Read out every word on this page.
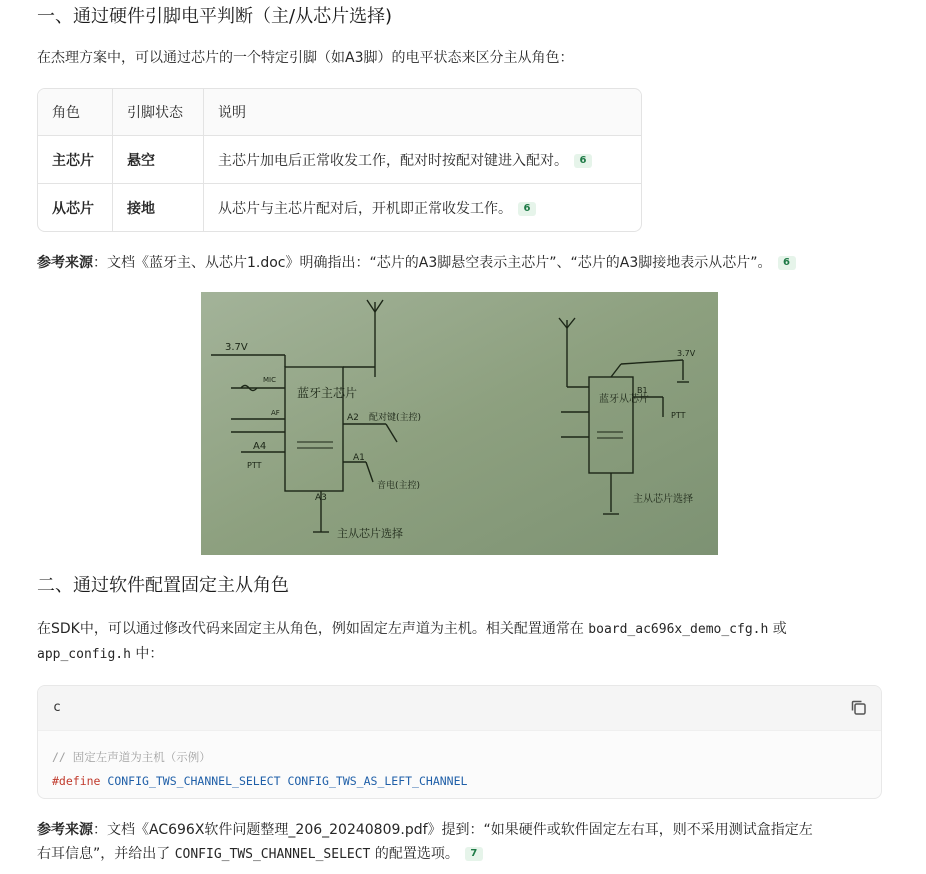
一、通过硬件引脚电平判断（主/从芯片选择)

在杰理方案中，可以通过芯片的一个特定引脚（如A3脚）的电平状态来区分主从角色：

角色	引脚状态	说明
主芯片	悬空	主芯片加电后正常收发工作，配对时按配对键进入配对。 6
从芯片	接地	从芯片与主芯片配对后，开机即正常收发工作。 6

参考来源：文档《蓝牙主、从芯片1.doc》明确指出：“芯片的A3脚悬空表示主芯片”、“芯片的A3脚接地表示从芯片”。 6

3.7V
MIC
AF
A4
PTT
蓝牙主芯片
A2 配对键(主控)
A1
音电(主控)
A3
主从芯片选择
3.7V
蓝牙从芯片
B1
PTT
主从芯片选择
二、通过软件配置固定主从角色

在SDK中，可以通过修改代码来固定主从角色，例如固定左声道为主机。相关配置通常在 board_ac696x_demo_cfg.h 或
app_config.h 中：

c
// 固定左声道为主机（示例）
#define CONFIG_TWS_CHANNEL_SELECT CONFIG_TWS_AS_LEFT_CHANNEL

参考来源：文档《AC696X软件问题整理_206_20240809.pdf》提到：“如果硬件或软件固定左右耳，则不采用测试盒指定左
右耳信息”，并给出了 CONFIG_TWS_CHANNEL_SELECT 的配置选项。 7
